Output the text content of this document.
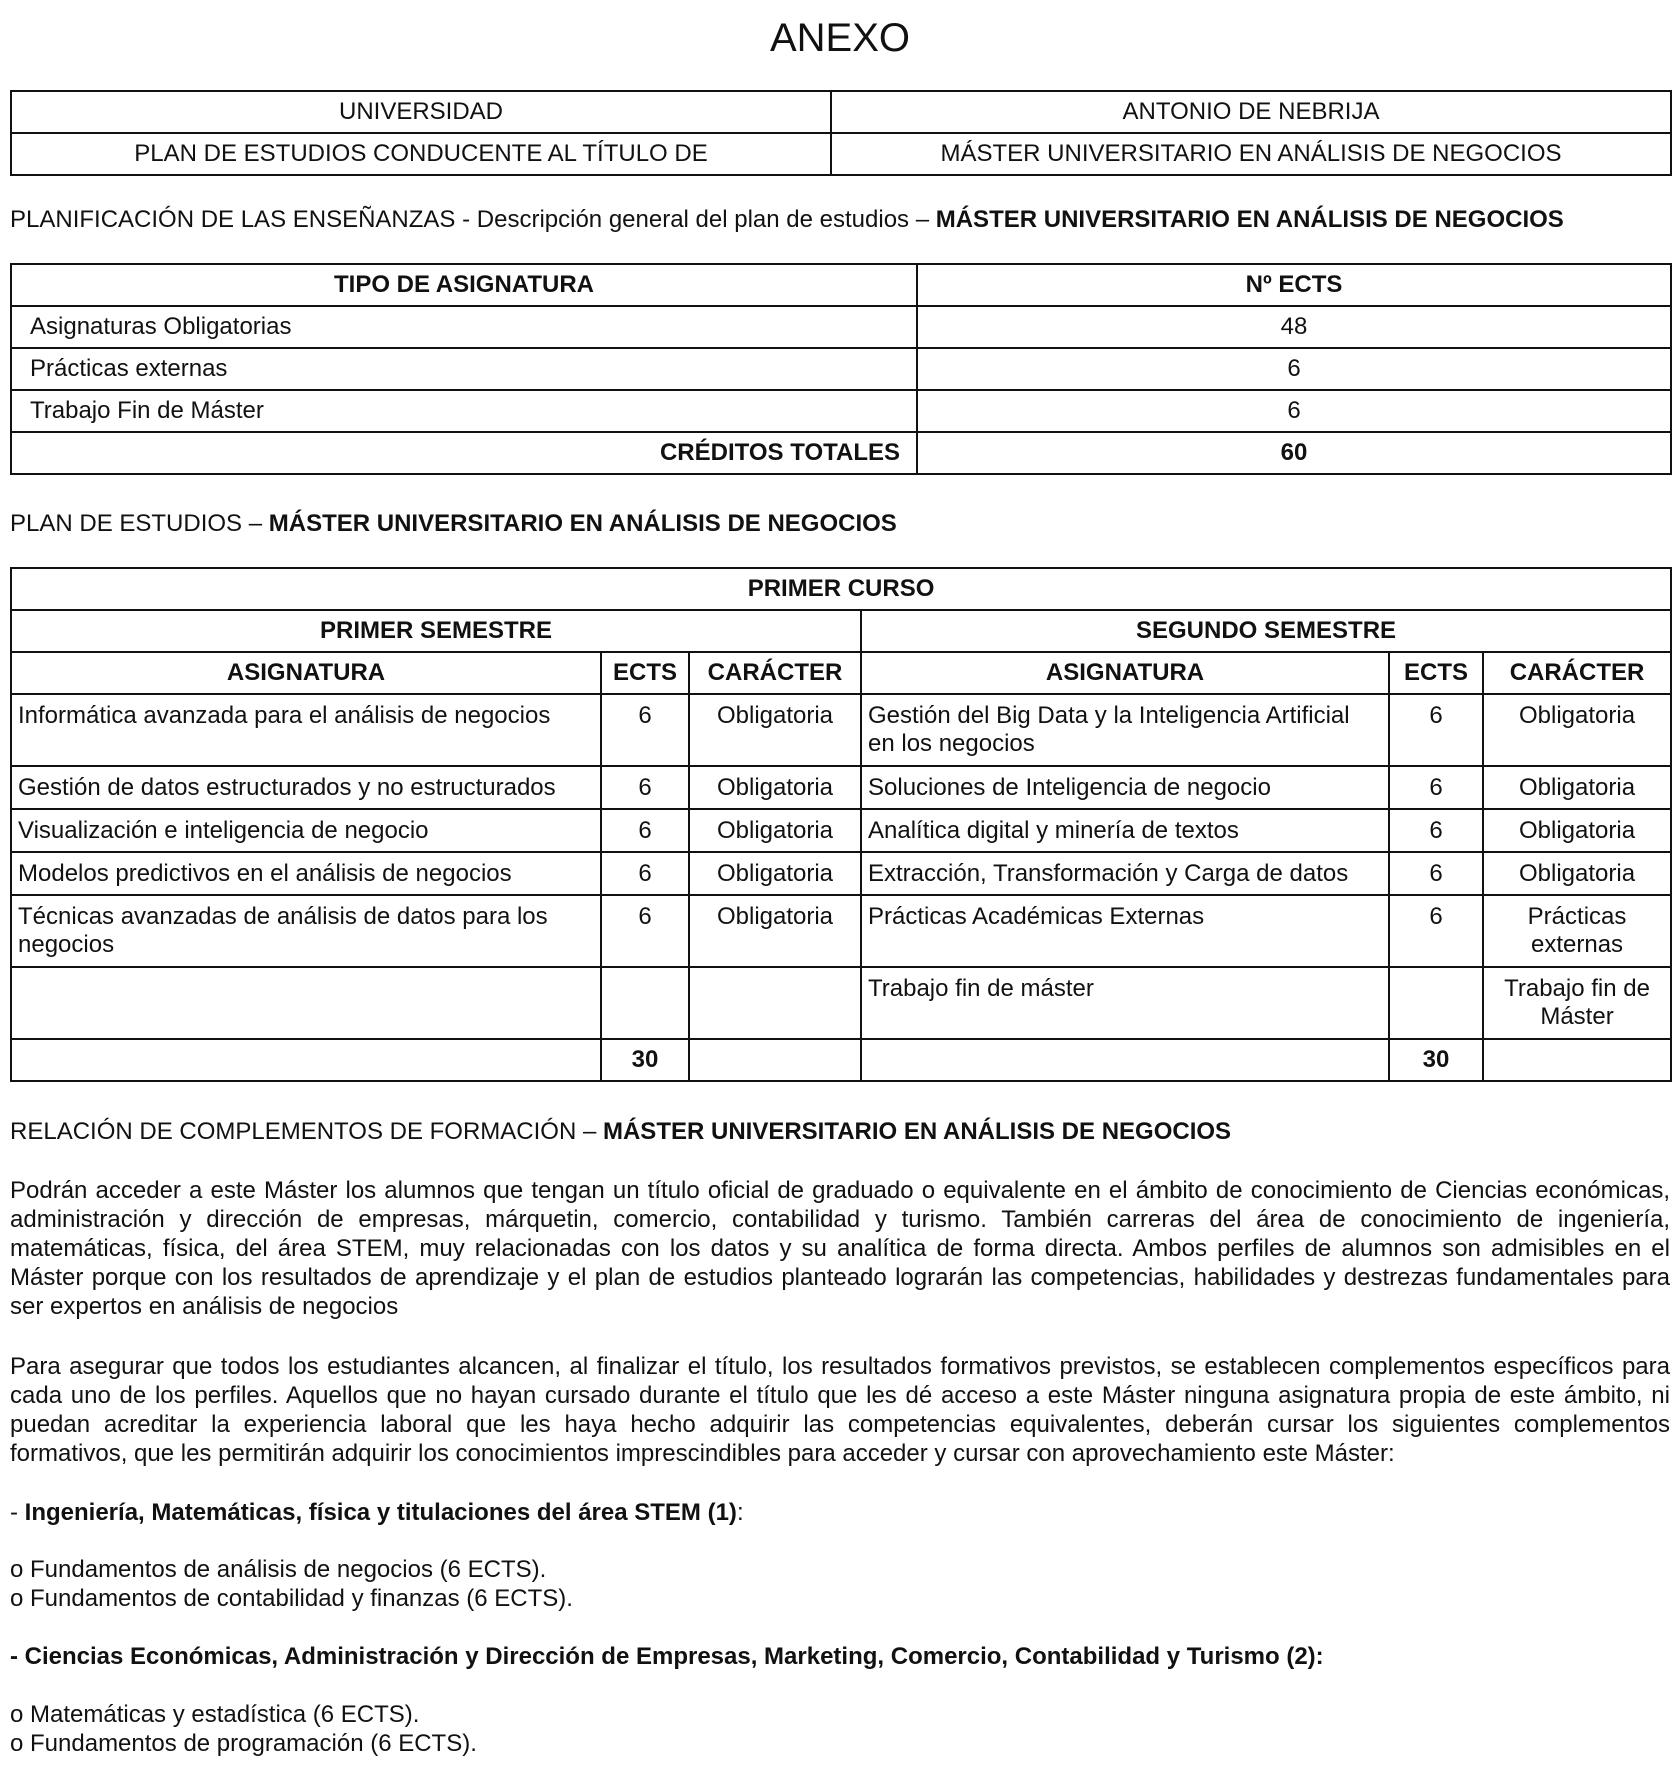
ANEXO
UNIVERSIDAD	ANTONIO DE NEBRIJA
PLAN DE ESTUDIOS CONDUCENTE AL TÍTULO DE	MÁSTER UNIVERSITARIO EN ANÁLISIS DE NEGOCIOS
PLANIFICACIÓN DE LAS ENSEÑANZAS - Descripción general del plan de estudios – MÁSTER UNIVERSITARIO EN ANÁLISIS DE NEGOCIOS
TIPO DE ASIGNATURA	Nº ECTS
Asignaturas Obligatorias	48
Prácticas externas	6
Trabajo Fin de Máster	6
CRÉDITOS TOTALES	60
PLAN DE ESTUDIOS – MÁSTER UNIVERSITARIO EN ANÁLISIS DE NEGOCIOS
PRIMER CURSO					
PRIMER SEMESTRE			SEGUNDO SEMESTRE		
ASIGNATURA	ECTS	CARÁCTER	ASIGNATURA	ECTS	CARÁCTER
Informática avanzada para el análisis de negocios	6	Obligatoria	Gestión del Big Data y la Inteligencia Artificial en los negocios	6	Obligatoria
Gestión de datos estructurados y no estructurados	6	Obligatoria	Soluciones de Inteligencia de negocio	6	Obligatoria
Visualización e inteligencia de negocio	6	Obligatoria	Analítica digital y minería de textos	6	Obligatoria
Modelos predictivos en el análisis de negocios	6	Obligatoria	Extracción, Transformación y Carga de datos	6	Obligatoria
Técnicas avanzadas de análisis de datos para los negocios	6	Obligatoria	Prácticas Académicas Externas	6	Prácticas externas
			Trabajo fin de máster		Trabajo fin de Máster
	30			30	
RELACIÓN DE COMPLEMENTOS DE FORMACIÓN – MÁSTER UNIVERSITARIO EN ANÁLISIS DE NEGOCIOS
Podrán acceder a este Máster los alumnos que tengan un título oficial de graduado o equivalente en el ámbito de conocimiento de Ciencias económicas, administración y dirección de empresas, márquetin, comercio, contabilidad y turismo. También carreras del área de conocimiento de ingeniería, matemáticas, física, del área STEM, muy relacionadas con los datos y su analítica de forma directa. Ambos perfiles de alumnos son admisibles en el Máster porque con los resultados de aprendizaje y el plan de estudios planteado lograrán las competencias, habilidades y destrezas fundamentales para ser expertos en análisis de negocios
Para asegurar que todos los estudiantes alcancen, al finalizar el título, los resultados formativos previstos, se establecen complementos específicos para cada uno de los perfiles. Aquellos que no hayan cursado durante el título que les dé acceso a este Máster ninguna asignatura propia de este ámbito, ni puedan acreditar la experiencia laboral que les haya hecho adquirir las competencias equivalentes, deberán cursar los siguientes complementos formativos, que les permitirán adquirir los conocimientos imprescindibles para acceder y cursar con aprovechamiento este Máster:
- Ingeniería, Matemáticas, física y titulaciones del área STEM (1):
o Fundamentos de análisis de negocios (6 ECTS).
o Fundamentos de contabilidad y finanzas (6 ECTS).
- Ciencias Económicas, Administración y Dirección de Empresas, Marketing, Comercio, Contabilidad y Turismo (2):
o Matemáticas y estadística (6 ECTS).
o Fundamentos de programación (6 ECTS).
